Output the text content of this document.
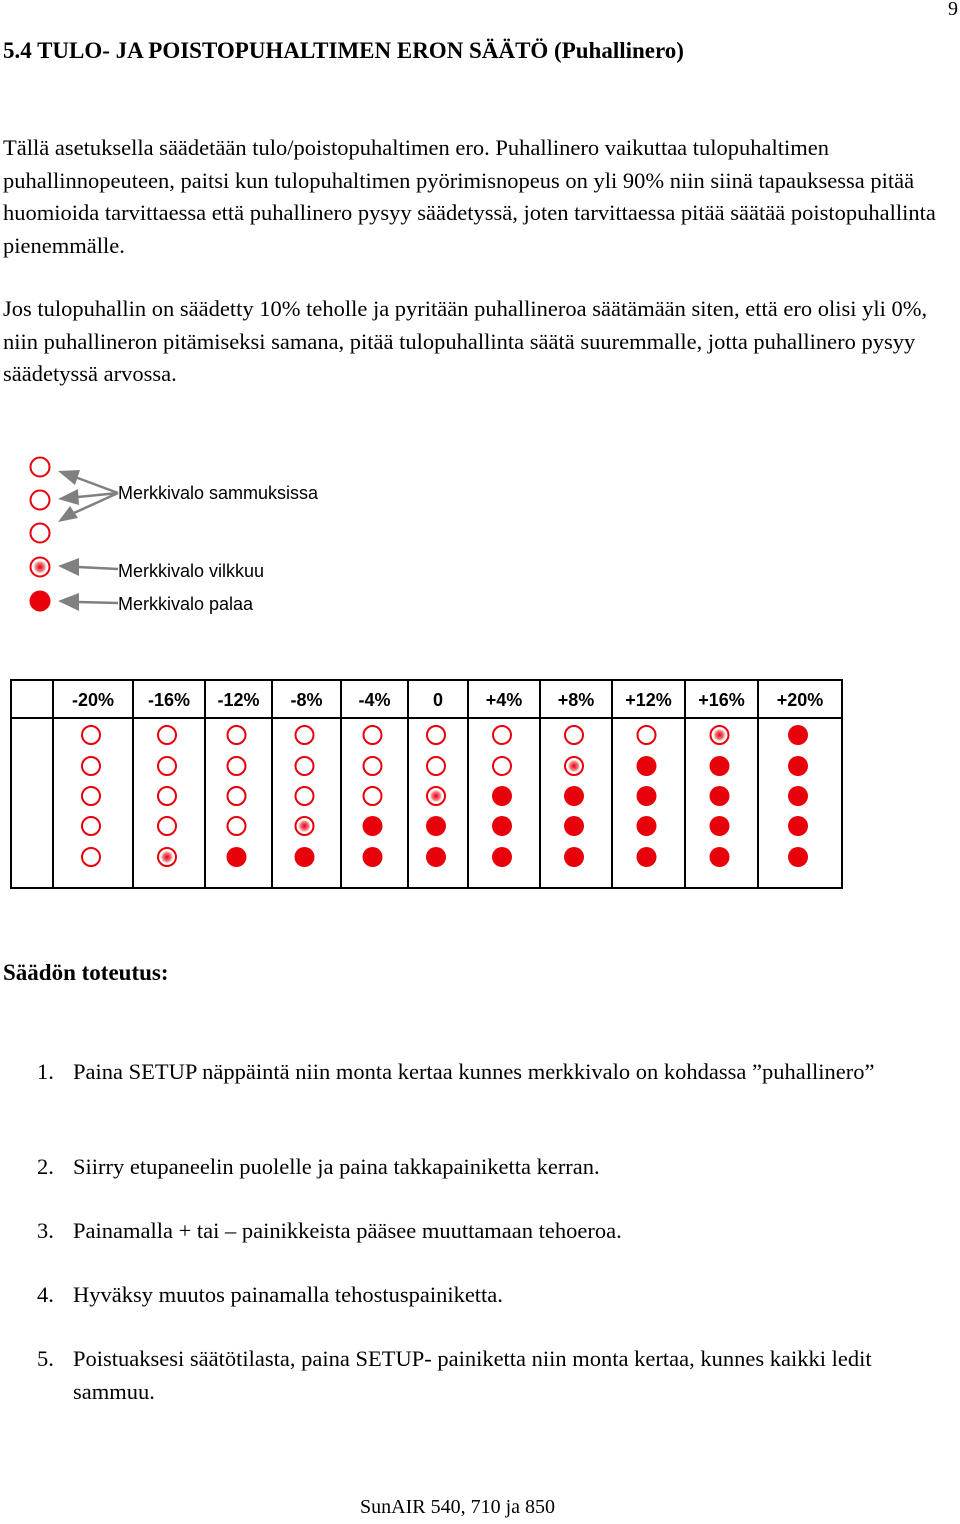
9
5.4 TULO- JA POISTOPUHALTIMEN ERON SÄÄTÖ (Puhallinero)
Tällä asetuksella säädetään tulo/poistopuhaltimen ero. Puhallinero vaikuttaa tulopuhaltimen puhallinnopeuteen, paitsi kun tulopuhaltimen pyörimisnopeus on yli 90% niin siinä tapauksessa pitää huomioida tarvittaessa että puhallinero pysyy säädetyssä, joten tarvittaessa pitää säätää poistopuhallinta pienemmälle.
Jos tulopuhallin on säädetty 10% teholle ja pyritään puhallineroa säätämään siten, että ero olisi yli 0%, niin puhallineron pitämiseksi samana, pitää tulopuhallinta säätä suuremmalle, jotta puhallinero pysyy säädetyssä arvossa.
Merkkivalo sammuksissa
Merkkivalo vilkkuu
Merkkivalo palaa
-20% -16% -12% -8% -4% 0 +4% +8% +12% +16% +20%
Säädön toteutus:
1. Paina SETUP näppäintä niin monta kertaa kunnes merkkivalo on kohdassa ”puhallinero”
2. Siirry etupaneelin puolelle ja paina takkapainiketta kerran.
3. Painamalla + tai – painikkeista pääsee muuttamaan tehoeroa.
4. Hyväksy muutos painamalla tehostuspainiketta.
5. Poistuaksesi säätötilasta, paina SETUP- painiketta niin monta kertaa, kunnes kaikki ledit sammuu.
SunAIR 540, 710 ja 850
